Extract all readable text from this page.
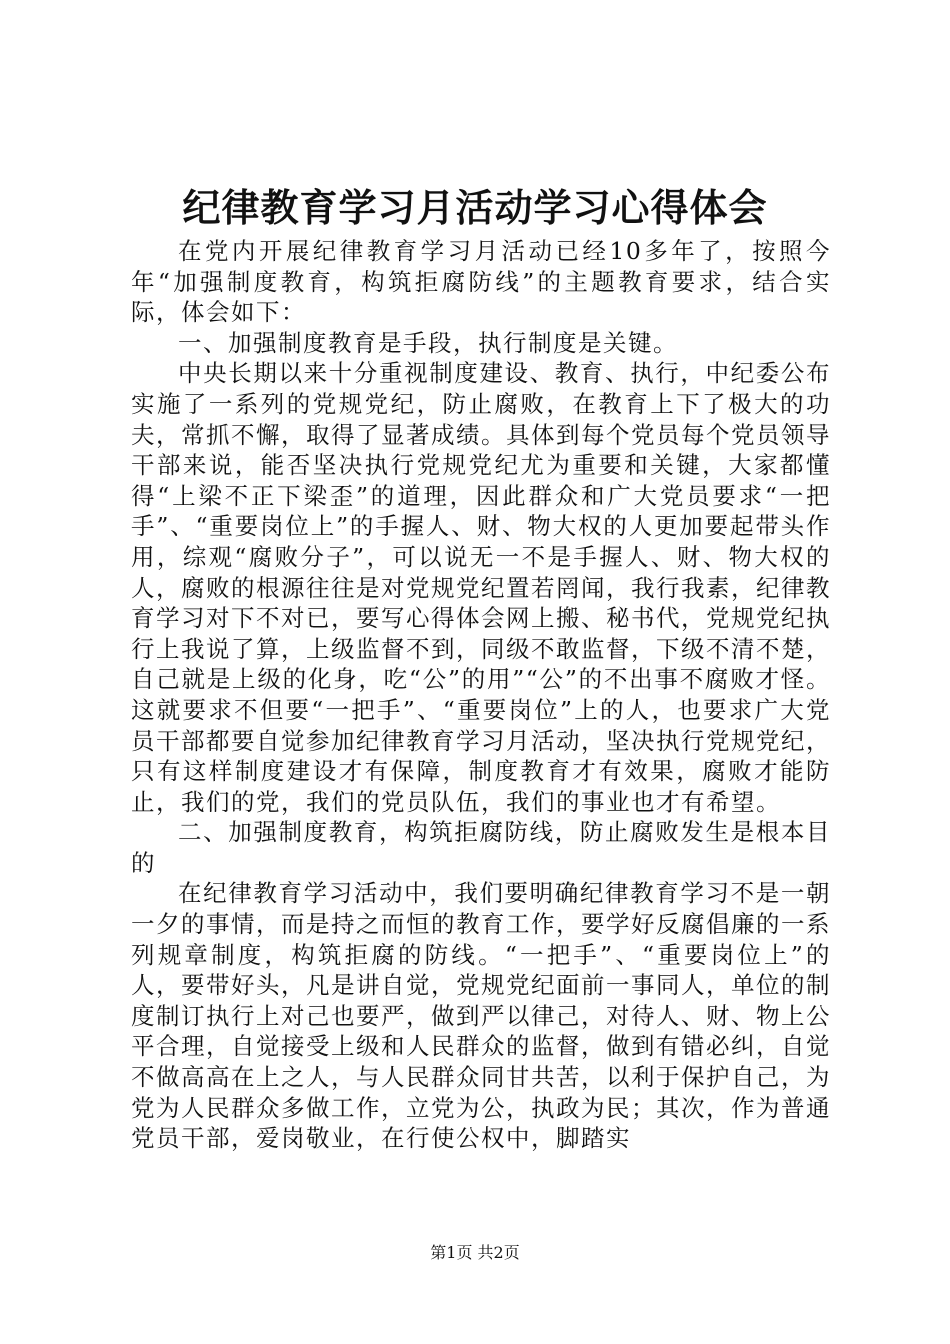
纪律教育学习月活动学习心得体会

在党内开展纪律教育学习月活动已经10多年了，按照今年“加强制度教育，构筑拒腐防线”的主题教育要求，结合实际，体会如下：

一、加强制度教育是手段，执行制度是关键。

中央长期以来十分重视制度建设、教育、执行，中纪委公布实施了一系列的党规党纪，防止腐败，在教育上下了极大的功夫，常抓不懈，取得了显著成绩。具体到每个党员每个党员领导干部来说，能否坚决执行党规党纪尤为重要和关键，大家都懂得“上梁不正下梁歪”的道理，因此群众和广大党员要求“一把手”、“重要岗位上”的手握人、财、物大权的人更加要起带头作用，综观“腐败分子”，可以说无一不是手握人、财、物大权的人，腐败的根源往往是对党规党纪置若罔闻，我行我素，纪律教育学习对下不对已，要写心得体会网上搬、秘书代，党规党纪执行上我说了算，上级监督不到，同级不敢监督，下级不清不楚，自己就是上级的化身，吃“公”的用”“公”的不出事不腐败才怪。这就要求不但要“一把手”、“重要岗位”上的人，也要求广大党员干部都要自觉参加纪律教育学习月活动，坚决执行党规党纪，只有这样制度建设才有保障，制度教育才有效果，腐败才能防止，我们的党，我们的党员队伍，我们的事业也才有希望。

二、加强制度教育，构筑拒腐防线，防止腐败发生是根本目的

在纪律教育学习活动中，我们要明确纪律教育学习不是一朝一夕的事情，而是持之而恒的教育工作，要学好反腐倡廉的一系列规章制度，构筑拒腐的防线。“一把手”、“重要岗位上”的人，要带好头，凡是讲自觉，党规党纪面前一事同人，单位的制度制订执行上对己也要严，做到严以律己，对待人、财、物上公平合理，自觉接受上级和人民群众的监督，做到有错必纠，自觉不做高高在上之人，与人民群众同甘共苦，以利于保护自己，为党为人民群众多做工作，立党为公，执政为民；其次，作为普通党员干部，爱岗敬业，在行使公权中，脚踏实

第1页 共2页
